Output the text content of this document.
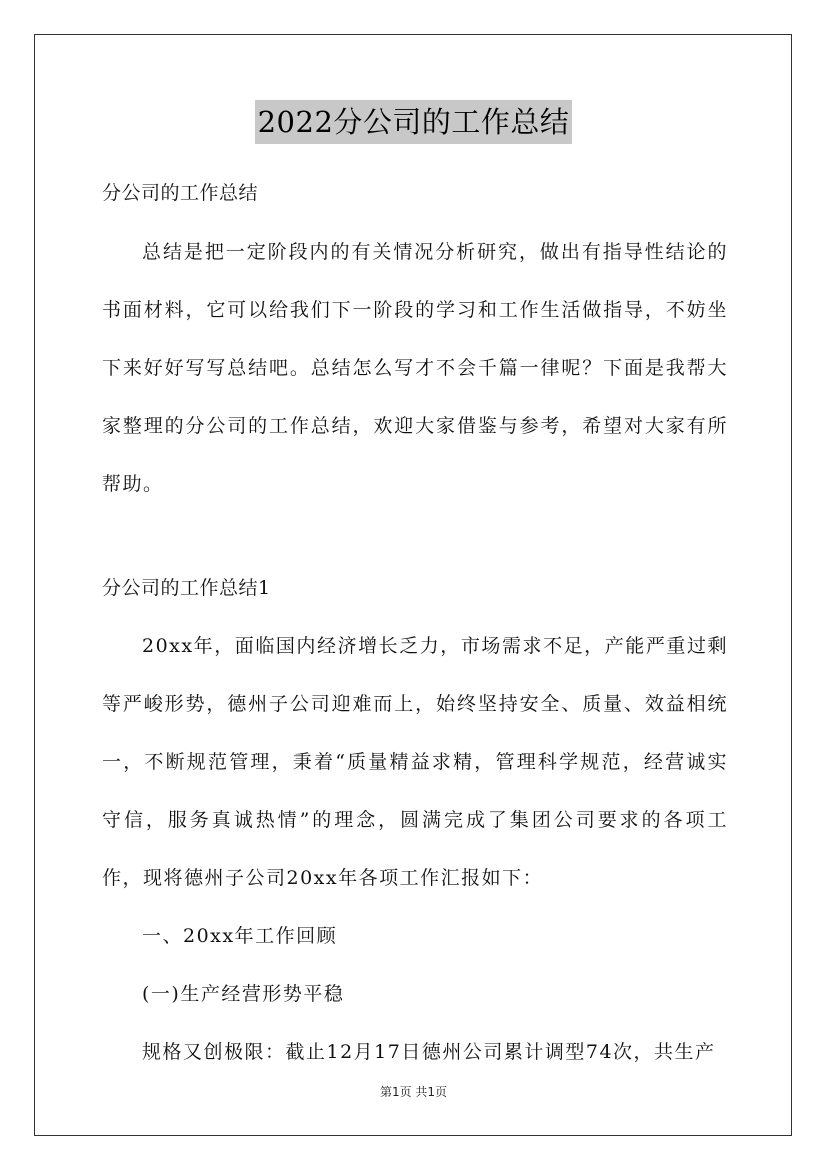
2022分公司的工作总结

分公司的工作总结

总结是把一定阶段内的有关情况分析研究，做出有指导性结论的书面材料，它可以给我们下一阶段的学习和工作生活做指导，不妨坐下来好好写写总结吧。总结怎么写才不会千篇一律呢？下面是我帮大家整理的分公司的工作总结，欢迎大家借鉴与参考，希望对大家有所帮助。

分公司的工作总结1

20xx年，面临国内经济增长乏力，市场需求不足，产能严重过剩等严峻形势，德州子公司迎难而上，始终坚持安全、质量、效益相统一，不断规范管理，秉着“质量精益求精，管理科学规范，经营诚实守信，服务真诚热情”的理念，圆满完成了集团公司要求的各项工作，现将德州子公司20xx年各项工作汇报如下：

一、20xx年工作回顾

(一)生产经营形势平稳

规格又创极限：截止12月17日德州公司累计调型74次，共生产

第1页 共1页
